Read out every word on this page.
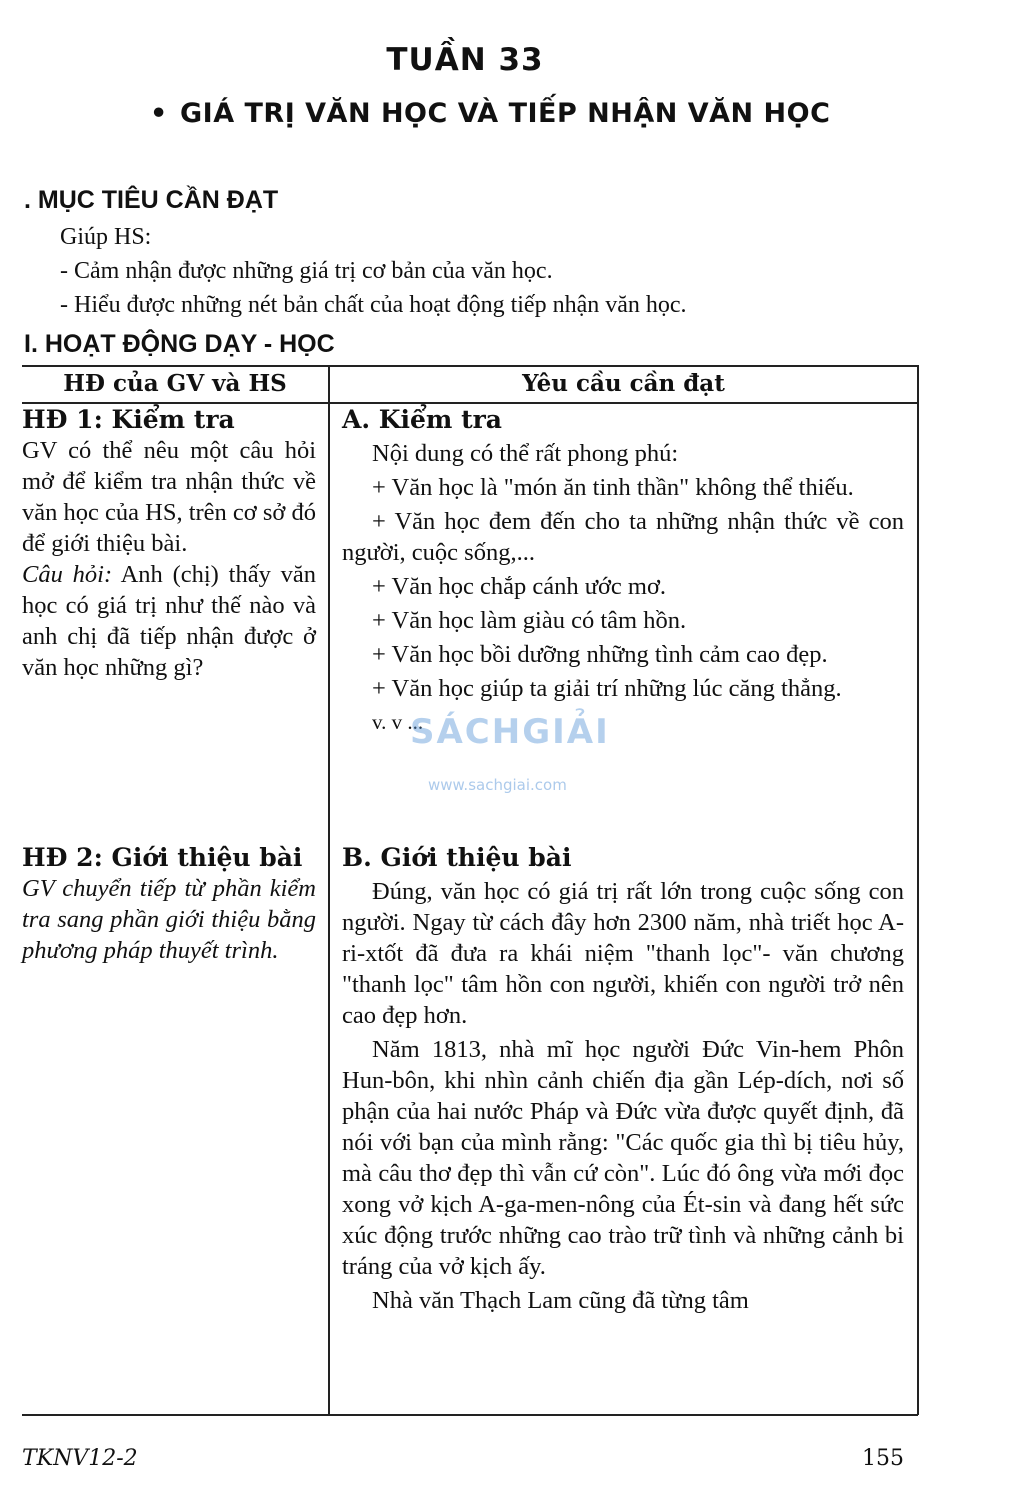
TUẦN 33
• GIÁ TRỊ VĂN HỌC VÀ TIẾP NHẬN VĂN HỌC
. MỤC TIÊU CẦN ĐẠT
Giúp HS:
- Cảm nhận được những giá trị cơ bản của văn học.
- Hiểu được những nét bản chất của hoạt động tiếp nhận văn học.
I. HOẠT ĐỘNG DẠY - HỌC
HĐ của GV và HS	Yêu cầu cần đạt

HĐ 1: Kiểm tra

GV có thể nêu một câu hỏi mở để kiểm tra nhận thức về văn học của HS, trên cơ sở đó để giới thiệu bài.

Câu hỏi: Anh (chị) thấy văn học có giá trị như thế nào và anh chị đã tiếp nhận được ở văn học những gì?

HĐ 2: Giới thiệu bài

GV chuyển tiếp từ phần kiểm tra sang phần giới thiệu bằng phương pháp thuyết trình.

A. Kiểm tra

Nội dung có thể rất phong phú:

+ Văn học là "món ăn tinh thần" không thể thiếu.

+ Văn học đem đến cho ta những nhận thức về con người, cuộc sống,...

+ Văn học chắp cánh ước mơ.

+ Văn học làm giàu có tâm hồn.

+ Văn học bồi dưỡng những tình cảm cao đẹp.

+ Văn học giúp ta giải trí những lúc căng thẳng.

v. v ...

B. Giới thiệu bài

Đúng, văn học có giá trị rất lớn trong cuộc sống con người. Ngay từ cách đây hơn 2300 năm, nhà triết học A-ri-xtốt đã đưa ra khái niệm "thanh lọc"- văn chương "thanh lọc" tâm hồn con người, khiến con người trở nên cao đẹp hơn.

Năm 1813, nhà mĩ học người Đức Vin-hem Phôn Hun-bôn, khi nhìn cảnh chiến địa gần Lép-dích, nơi số phận của hai nước Pháp và Đức vừa được quyết định, đã nói với bạn của mình rằng: "Các quốc gia thì bị tiêu hủy, mà câu thơ đẹp thì vẫn cứ còn". Lúc đó ông vừa mới đọc xong vở kịch A-ga-men-nông của Ét-sin và đang hết sức xúc động trước những cao trào trữ tình và những cảnh bi tráng của vở kịch ấy.

Nhà văn Thạch Lam cũng đã từng tâm

SÁCHGIẢI
www.sachgiai.com
TKNV12-2	155
